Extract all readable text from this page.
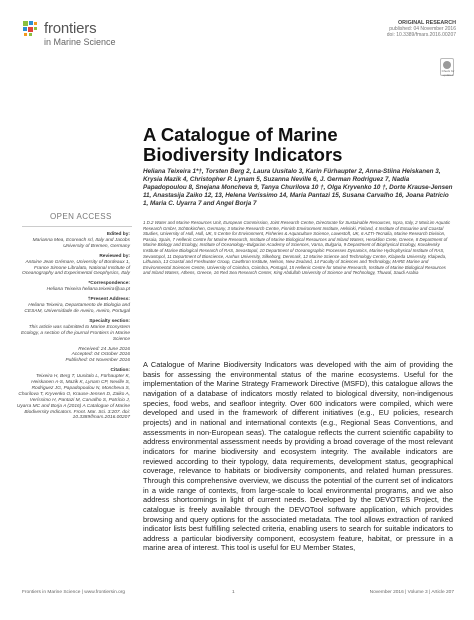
frontiers
in Marine Science
ORIGINAL RESEARCH
published: 04 November 2016
doi: 10.3389/fmars.2016.00207
Check for updates
A Catalogue of Marine Biodiversity Indicators
Heliana Teixeira 1*†, Torsten Berg 2, Laura Uusitalo 3, Karin Fürhaupter 2, Anna-Stiina Heiskanen 3, Krysia Mazik 4, Christopher P. Lynam 5, Suzanna Neville 6, J. German Rodriguez 7, Nadia Papadopoulou 8, Snejana Moncheva 9, Tanya Churilova 10 †, Olga Kryvenko 10 †, Dorte Krause-Jensen 11, Anastasija Zaiko 12, 13, Helena Veríssimo 14, Maria Pantazi 15, Susana Carvalho 16, Joana Patrício 1, Maria C. Uyarra 7 and Angel Borja 7
1 D.2 Water and Marine Resources Unit, European Commission, Joint Research Centre, Directorate for Sustainable Resources, Ispra, Italy, 2 MariLim Aquatic Research GmbH, Schönkirchen, Germany, 3 Marine Research Centre, Finnish Environment Institute, Helsinki, Finland, 4 Institute of Estuarine and Coastal Studies, University of Hull, Hull, UK, 5 Centre for Environment, Fisheries & Aquaculture Science, Lowestoft, UK, 6 AZTI-Tecnalia, Marine Research Division, Pasaia, Spain, 7 Hellenic Centre for Marine Research, Institute of Marine Biological Resources and Inland Waters, Heraklion Crete, Greece, 8 Department of Marine Biology and Ecology, Institute of Oceanology–Bulgarian Academy of Sciences, Varna, Bulgaria, 9 Department of Biophysical Ecology, Kovalevsky Institute of Marine Biological Research of RAS, Sevastopol, 10 Department of Oceanographic Processes Dynamics, Marine Hydrophysical Institute of RAS, Sevastopol, 11 Department of Bioscience, Aarhus University, Silkeborg, Denmark, 12 Marine Science and Technology Centre, Klaipeda University, Klaipeda, Lithuania, 13 Coastal and Freshwater Group, Cawthron Institute, Nelson, New Zealand, 14 Faculty of Sciences and Technology, MARE Marine and Environmental Sciences Centre, University of Coimbra, Coimbra, Portugal, 15 Hellenic Centre for Marine Research, Institute of Marine Biological Resources and Inland Waters, Athens, Greece, 16 Red Sea Research Center, King Abdullah University of Science and Technology, Thuwal, Saudi Arabia
OPEN ACCESS
Edited by:
Marianna Mea, Ecoreach srl, Italy and Jacobs University of Bremen, Germany
Reviewed by:
Antoine Jean Grémare, University of Bordeaux 1, France Simone Libralato, National Institute of Oceanography and Experimental Geophysics, Italy
*Correspondence:
Heliana Teixeira heliana.teixeira@ua.pt
†Present Address:
Heliana Teixeira, Departamento de Biologia and CESAM, Universidade de Aveiro, Aveiro, Portugal
Specialty section:
This article was submitted to Marine Ecosystem Ecology, a section of the journal Frontiers in Marine Science
Received: 24 June 2016
Accepted: 04 October 2016
Published: 04 November 2016
Citation:
Teixeira H, Berg T, Uusitalo L, Fürhaupter K, Heiskanen A-S, Mazik K, Lynam CP, Neville S, Rodriguez JG, Papadopoulou N, Moncheva S, Churilova T, Kryvenko O, Krause-Jensen D, Zaiko A, Veríssimo H, Pantazi M, Carvalho S, Patrício J, Uyarra MC and Borja A (2016) A Catalogue of Marine Biodiversity Indicators. Front. Mar. Sci. 3:207. doi: 10.3389/fmars.2016.00207

A Catalogue of Marine Biodiversity Indicators was developed with the aim of providing the basis for assessing the environmental status of the marine ecosystems. Useful for the implementation of the Marine Strategy Framework Directive (MSFD), this catalogue allows the navigation of a database of indicators mostly related to biological diversity, non-indigenous species, food webs, and seafloor integrity. Over 600 indicators were compiled, which were developed and used in the framework of different initiatives (e.g., EU policies, research projects) and in national and international contexts (e.g., Regional Seas Conventions, and assessments in non-European seas). The catalogue reflects the current scientific capability to address environmental assessment needs by providing a broad coverage of the most relevant indicators for marine biodiversity and ecosystem integrity. The available indicators are reviewed according to their typology, data requirements, development status, geographical coverage, relevance to habitats or biodiversity components, and related human pressures. Through this comprehensive overview, we discuss the potential of the current set of indicators in a wide range of contexts, from large-scale to local environmental programs, and we also address shortcomings in light of current needs. Developed by the DEVOTES Project, the catalogue is freely available through the DEVOTool software application, which provides browsing and query options for the associated metadata. The tool allows extraction of ranked indicator lists best fulfilling selected criteria, enabling users to search for suitable indicators to address a particular biodiversity component, ecosystem feature, habitat, or pressure in a marine area of interest. This tool is useful for EU Member States,

Frontiers in Marine Science | www.frontiersin.org	1	November 2016 | Volume 3 | Article 207
